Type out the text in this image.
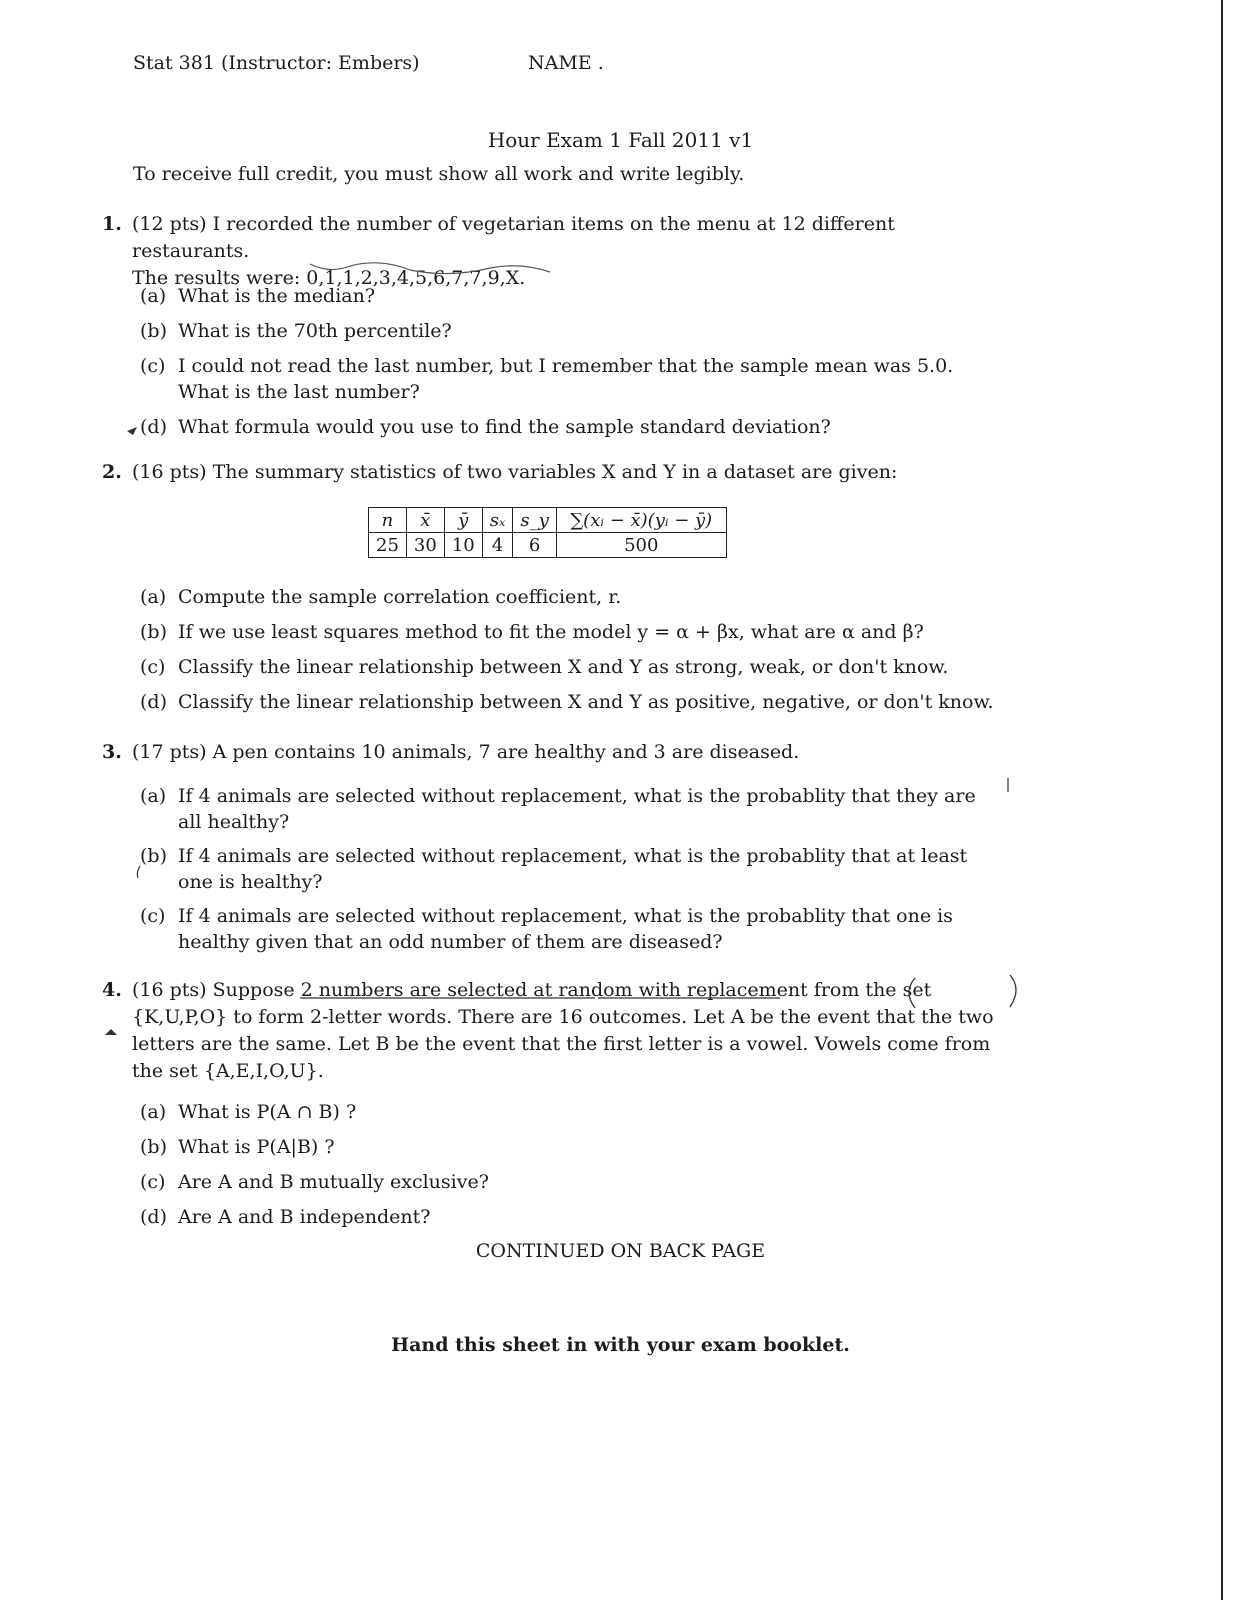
Stat 381 (Instructor: Embers)	NAME .
Hour Exam 1 Fall 2011 v1
To receive full credit, you must show all work and write legibly.
1. (12 pts) I recorded the number of vegetarian items on the menu at 12 different restaurants.
The results were: 0,1,1,2,3,4,5,6,7,7,9,X.
(a) What is the median?
(b) What is the 70th percentile?
(c) I could not read the last number, but I remember that the sample mean was 5.0. What is the last number?
(d) What formula would you use to find the sample standard deviation?
2. (16 pts) The summary statistics of two variables X and Y in a dataset are given:
n	x̄	ȳ	sₓ	s_y	∑(xᵢ − x̄)(yᵢ − ȳ)
25	30	10	4	6	500
(a) Compute the sample correlation coefficient, r.
(b) If we use least squares method to fit the model y = α + βx, what are α and β?
(c) Classify the linear relationship between X and Y as strong, weak, or don't know.
(d) Classify the linear relationship between X and Y as positive, negative, or don't know.
3. (17 pts) A pen contains 10 animals, 7 are healthy and 3 are diseased.
(a) If 4 animals are selected without replacement, what is the probablity that they are all healthy?
(b) If 4 animals are selected without replacement, what is the probablity that at least one is healthy?
(c) If 4 animals are selected without replacement, what is the probablity that one is healthy given that an odd number of them are diseased?
4. (16 pts) Suppose 2 numbers are selected at random with replacement from the set {K,U,P,O} to form 2-letter words. There are 16 outcomes. Let A be the event that the two letters are the same. Let B be the event that the first letter is a vowel. Vowels come from the set {A,E,I,O,U}.
(a) What is P(A ∩ B) ?
(b) What is P(A|B) ?
(c) Are A and B mutually exclusive?
(d) Are A and B independent?
CONTINUED ON BACK PAGE
Hand this sheet in with your exam booklet.
